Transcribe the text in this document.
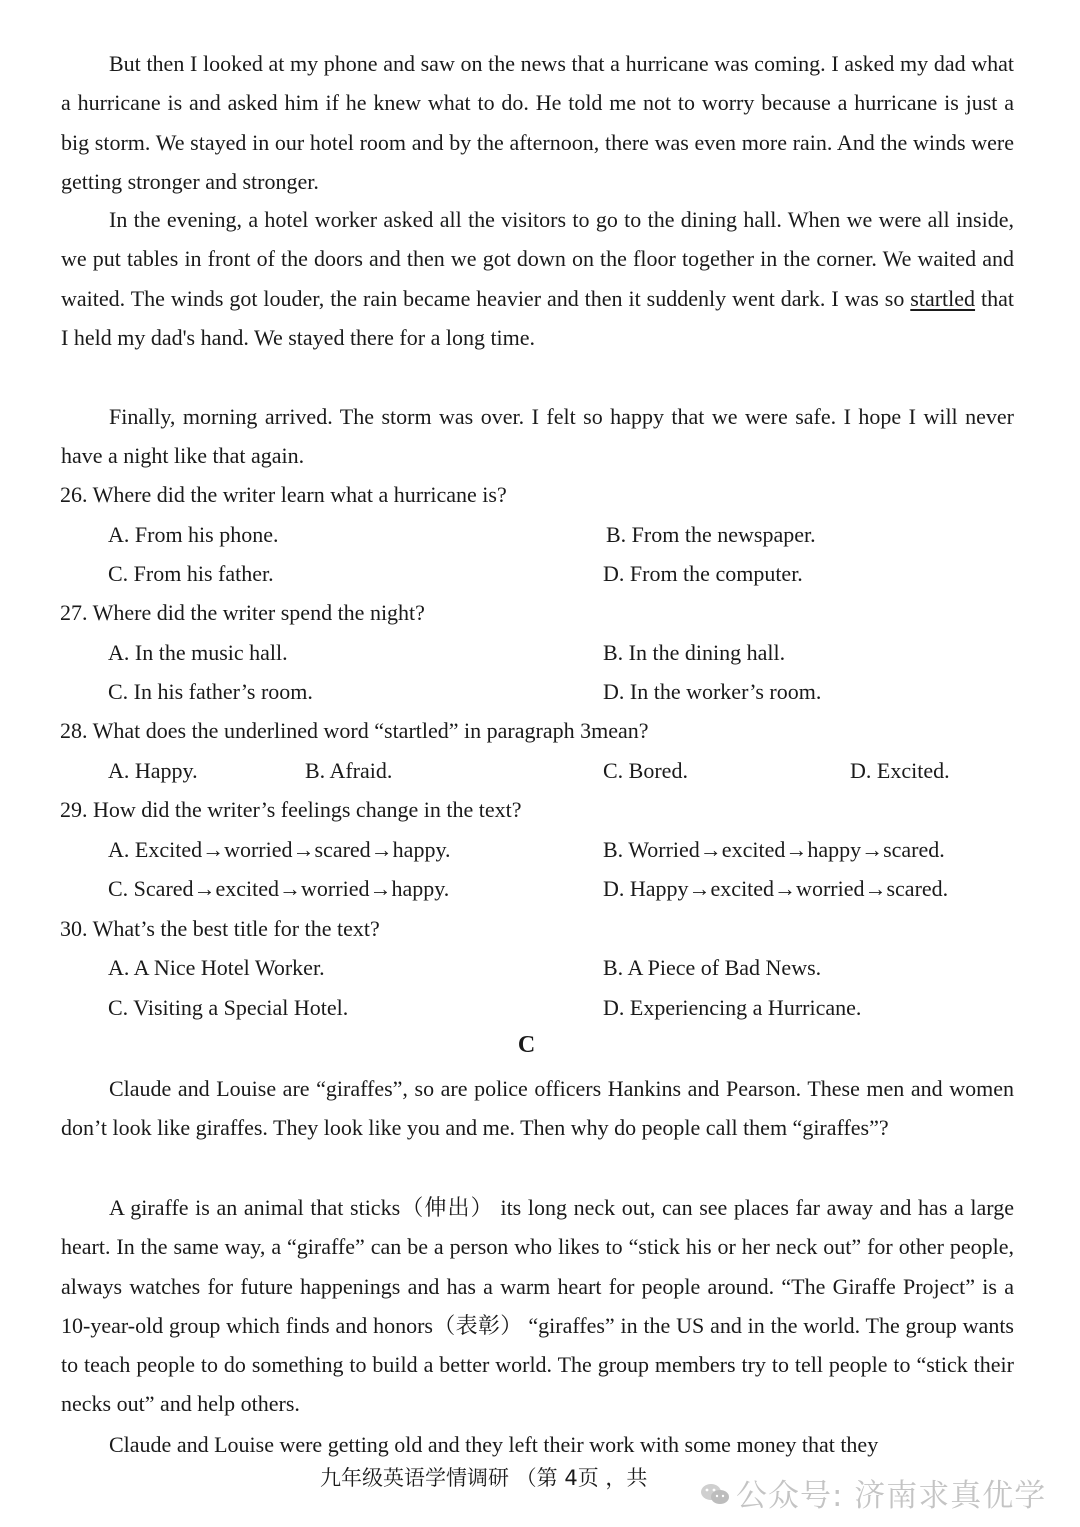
But then I looked at my phone and saw on the news that a hurricane was coming. I asked my dad what a hurricane is and asked him if he knew what to do. He told me not to worry because a hurricane is just a big storm. We stayed in our hotel room and by the afternoon, there was even more rain. And the winds were getting stronger and stronger.

In the evening, a hotel worker asked all the visitors to go to the dining hall. When we were all inside, we put tables in front of the doors and then we got down on the floor together in the corner. We waited and waited. The winds got louder, the rain became heavier and then it suddenly went dark. I was so startled that I held my dad's hand. We stayed there for a long time.

Finally, morning arrived. The storm was over. I felt so happy that we were safe. I hope I will never have a night like that again.

26. Where did the writer learn what a hurricane is?
A. From his phone.	B. From the newspaper.
C. From his father.	D. From the computer.
27. Where did the writer spend the night?
A. In the music hall.	B. In the dining hall.
C. In his father’s room.	D. In the worker’s room.
28. What does the underlined word “startled” in paragraph 3mean?
A. Happy.	B. Afraid.	C. Bored.	D. Excited.
29. How did the writer’s feelings change in the text?
A. Excited→worried→scared→happy.	B. Worried→excited→happy→scared.
C. Scared→excited→worried→happy.	D. Happy→excited→worried→scared.
30. What’s the best title for the text?
A. A Nice Hotel Worker.	B. A Piece of Bad News.
C. Visiting a Special Hotel.	D. Experiencing a Hurricane.
C

Claude and Louise are “giraffes”, so are police officers Hankins and Pearson. These men and women don’t look like giraffes. They look like you and me. Then why do people call them “giraffes”?

A giraffe is an animal that sticks（伸出） its long neck out, can see places far away and has a large heart. In the same way, a “giraffe” can be a person who likes to “stick his or her neck out” for other people, always watches for future happenings and has a warm heart for people around. “The Giraffe Project” is a 10-year-old group which finds and honors（表彰） “giraffes” in the US and in the world. The group wants to teach people to do something to build a better world. The group members try to tell people to “stick their necks out” and help others.

Claude and Louise were getting old and they left their work with some money that they

九年级英语学情调研 （第 4页 ，共	公众号: 济南求真优学
